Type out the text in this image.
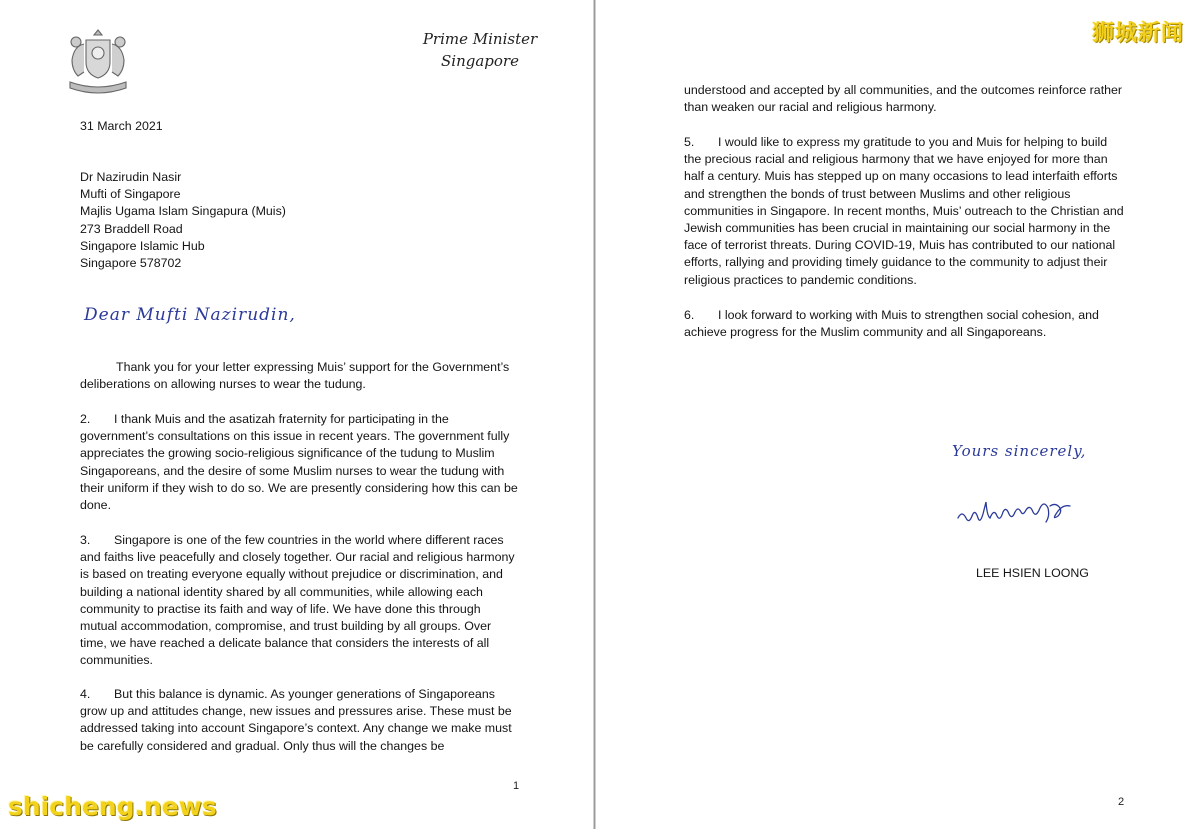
Prime Minister
Singapore
31 March 2021
Dr Nazirudin Nasir
Mufti of Singapore
Majlis Ugama Islam Singapura (Muis)
273 Braddell Road
Singapore Islamic Hub
Singapore 578702
Dear Mufti Nazirudin,
Thank you for your letter expressing Muis’ support for the Government’s deliberations on allowing nurses to wear the tudung.
2. I thank Muis and the asatizah fraternity for participating in the government’s consultations on this issue in recent years. The government fully appreciates the growing socio-religious significance of the tudung to Muslim Singaporeans, and the desire of some Muslim nurses to wear the tudung with their uniform if they wish to do so. We are presently considering how this can be done.
3. Singapore is one of the few countries in the world where different races and faiths live peacefully and closely together. Our racial and religious harmony is based on treating everyone equally without prejudice or discrimination, and building a national identity shared by all communities, while allowing each community to practise its faith and way of life. We have done this through mutual accommodation, compromise, and trust building by all groups. Over time, we have reached a delicate balance that considers the interests of all communities.
4. But this balance is dynamic. As younger generations of Singaporeans grow up and attitudes change, new issues and pressures arise. These must be addressed taking into account Singapore’s context. Any change we make must be carefully considered and gradual. Only thus will the changes be
1
understood and accepted by all communities, and the outcomes reinforce rather than weaken our racial and religious harmony.
5. I would like to express my gratitude to you and Muis for helping to build the precious racial and religious harmony that we have enjoyed for more than half a century. Muis has stepped up on many occasions to lead interfaith efforts and strengthen the bonds of trust between Muslims and other religious communities in Singapore. In recent months, Muis’ outreach to the Christian and Jewish communities has been crucial in maintaining our social harmony in the face of terrorist threats. During COVID-19, Muis has contributed to our national efforts, rallying and providing timely guidance to the community to adjust their religious practices to pandemic conditions.
6. I look forward to working with Muis to strengthen social cohesion, and achieve progress for the Muslim community and all Singaporeans.
Yours sincerely,
LEE HSIEN LOONG
2
狮城新闻
shicheng.news
